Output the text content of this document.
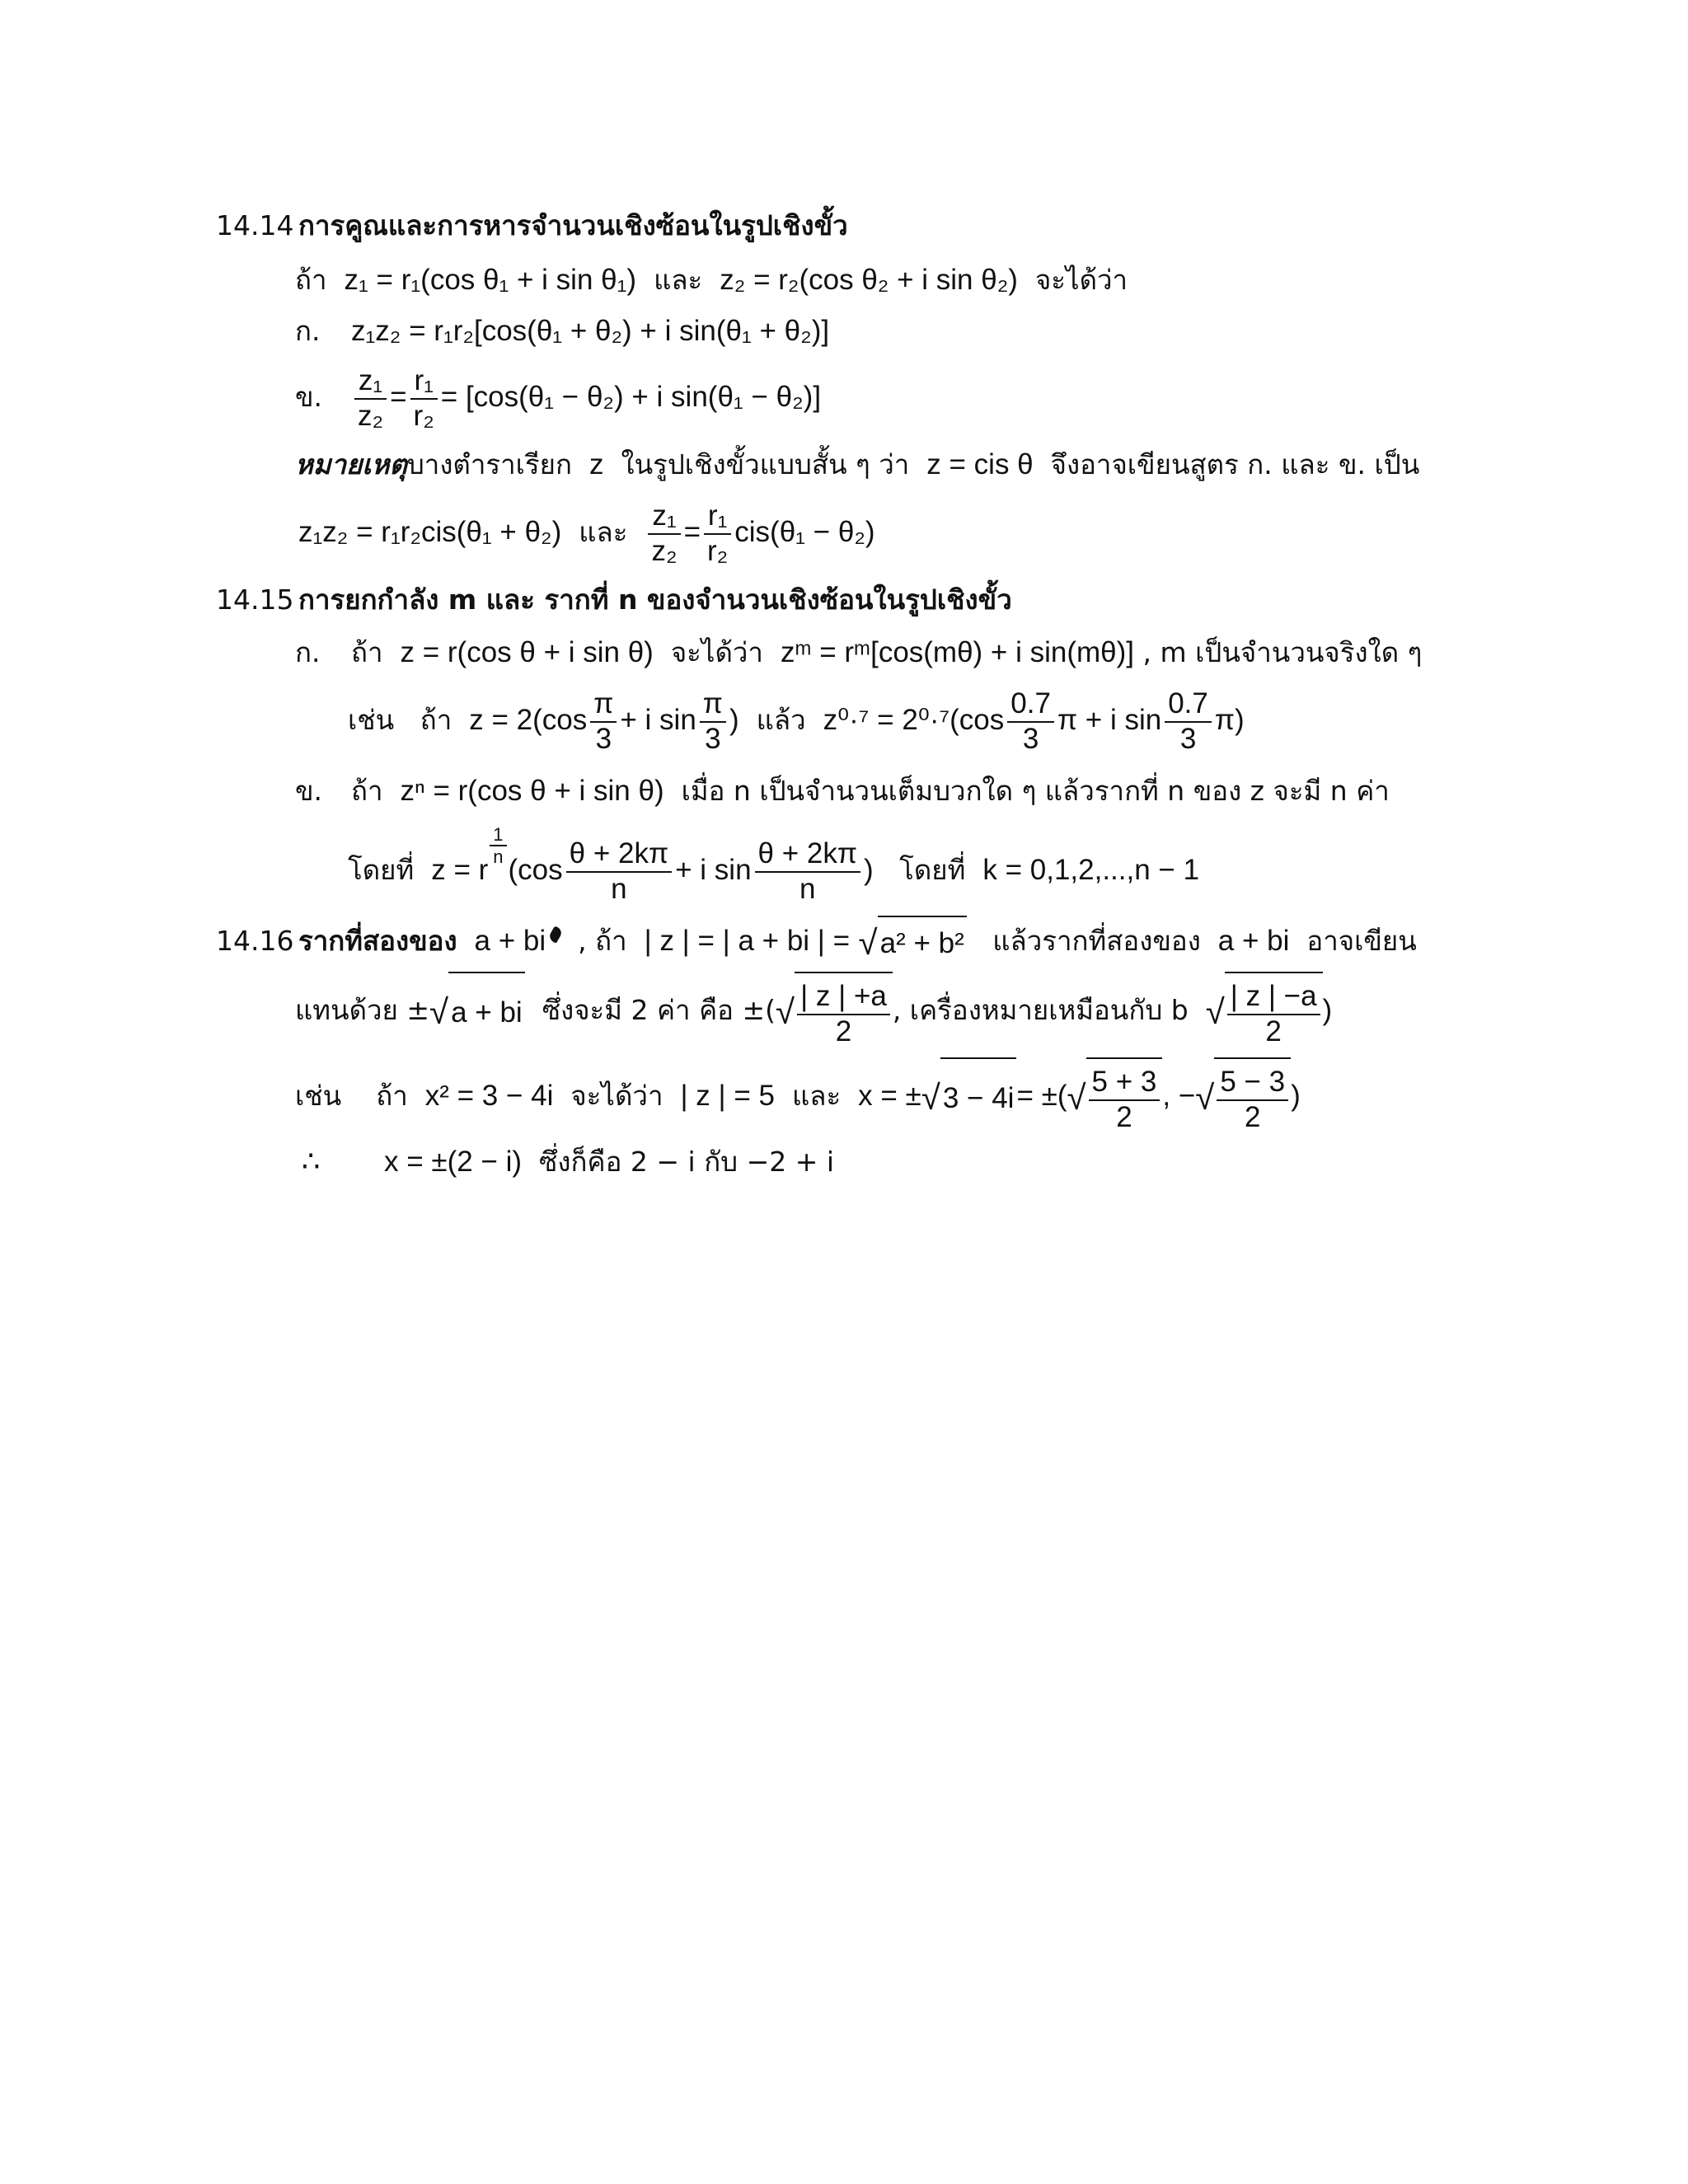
14.14 การคูณและการหารจำนวนเชิงซ้อนในรูปเชิงขั้ว
ถ้า z₁ = r₁(cos θ₁ + i sin θ₁) และ z₂ = r₂(cos θ₂ + i sin θ₂) จะได้ว่า
ก. z₁z₂ = r₁r₂[cos(θ₁ + θ₂) + i sin(θ₁ + θ₂)]
ข. $\frac{\text{z₁}}{\text{z₂}} = \frac{\text{r₁}}{\text{r₂}} = [\cos(\theta_1 - \theta_2) + i$ sin(θ₁ − θ₂)]
หมายเหตุบางตำราเรียก z ในรูปเชิงขั้วแบบสั้น ๆ ว่า z = cis θ จึงอาจเขียนสูตร ก. และ ข. เป็น
z₁z₂ = r₁r₂cis(θ₁ + θ₂) และ $\frac{\text{z₁}}{\text{z₂}} = \frac{\text{r₁}}{\text{r₂}} cis(\theta_1 - \theta_2)$
14.15 การยกกำลัง m และ รากที่ n ของจำนวนเชิงซ้อนในรูปเชิงขั้ว
ก. ถ้า z = r(cos θ + i sin θ) จะได้ว่า zᵐ = rᵐ[cos(mθ) + i sin(mθ)] , m เป็นจำนวนจริงใด ๆ
เช่น ถ้า $z = 2(\cos \frac{\pi}{3} + i$ $\sin \frac{\pi}{3}$ ) แล้ว $z^0\cdot^7 = 2^0\cdot^7(\cos \frac{0.7}{3}$ π + i $\sin \frac{0.7}{3} \pi$)
ข. ถ้า zⁿ = r(cos θ + i sin θ) เมื่อ n เป็นจำนวนเต็มบวกใด ๆ แล้วรากที่ n ของ z จะมี n ค่า
โดยที่ z = r
$\frac{1}{n}$
($\cos \frac{\theta + 2k\pi}{n} + i$ $\sin \frac{\theta + 2k\pi}{n}$ ) โดยที่ k = 0,1,2,...,n − 1
14.16 รากที่สองของ a + bi , ถ้า | z | = | a + bi | = √a² + b² แล้วรากที่สองของ a + bi อาจเขียน
แทนด้วย ±√a + bi ซึ่งจะมี 2 ค่า คือ ±(√ $\frac{| z | +a}{2}$ , เครื่องหมายเหมือนกับ b √ $\frac{| z | -a}{2}$ )
เช่น ถ้า x² = 3 − 4i จะได้ว่า | z | = 5 และ x = ±√3 − 4i= ±(√ $\frac{5 + 3}{2}$ , −√ $\frac{5 - 3}{2}$ )
∴ x = ±(2 − i) ซึ่งก็คือ 2 − i กับ −2 + i
